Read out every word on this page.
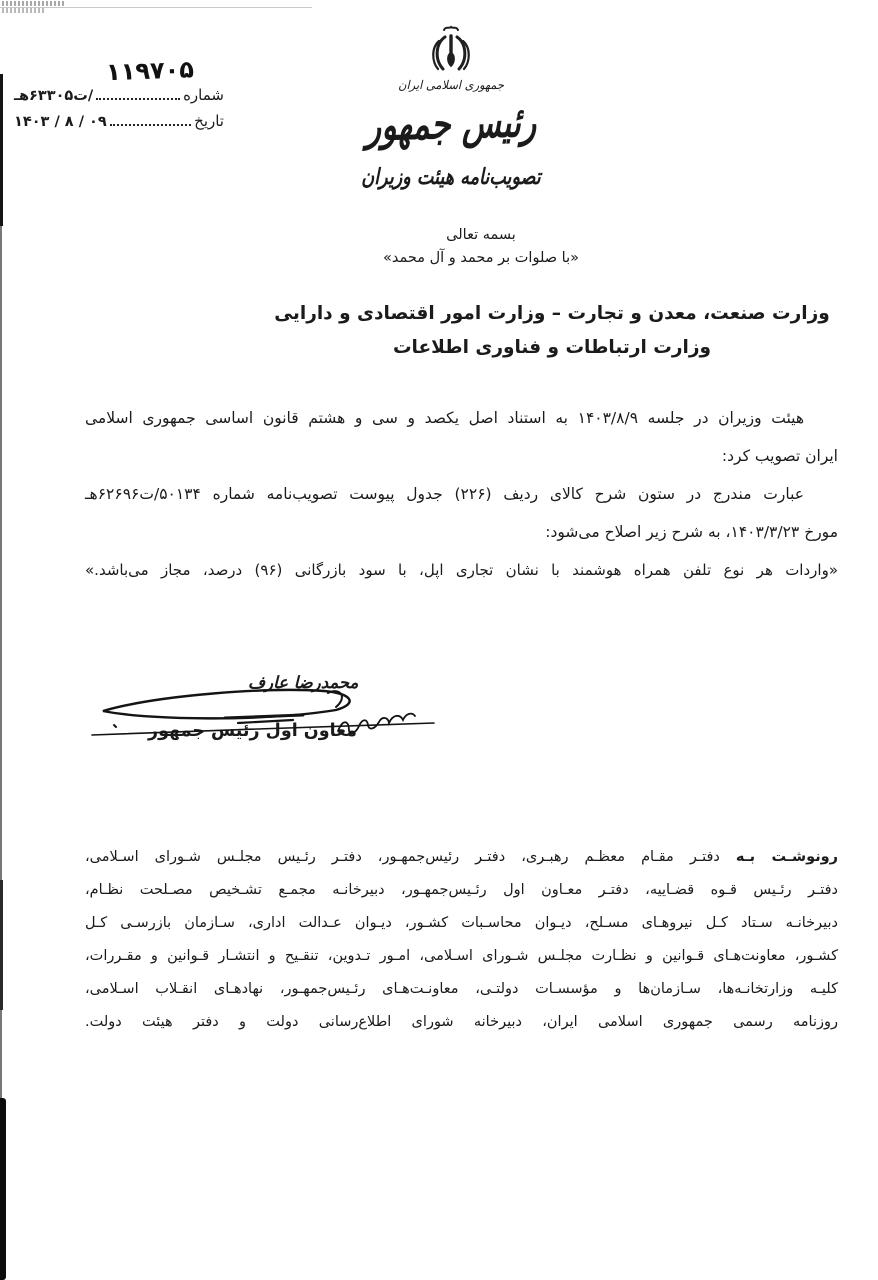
۱۱۹۷۰۵
شماره
/ت۶۳۳۰۵هـ
تاریخ
۱۴۰۳ / ۸ / ۰۹
جمهوری اسلامی ایران
رئیس جمهور
تصویب‌نامه هیئت وزیران
بسمه تعالی
«با صلوات بر محمد و آل محمد»
وزارت صنعت، معدن و تجارت – وزارت امور اقتصادی و دارایی
وزارت ارتباطات و فناوری اطلاعات
هیئت وزیران در جلسه ۱۴۰۳/۸/۹ به استناد اصل یکصد و سی و هشتم قانون اساسی جمهوری اسلامی
ایران تصویب کرد:
عبارت مندرج در ستون شرح کالای ردیف (۲۲۶) جدول پیوست تصویب‌نامه شماره ۵۰۱۳۴/ت۶۲۶۹۶هـ
مورخ ۱۴۰۳/۳/۲۳، به شرح زیر اصلاح می‌شود:
«واردات هر نوع تلفن همراه هوشمند با نشان تجاری اپل، با سود بازرگانی (۹۶) درصد، مجاز می‌باشد.»
محمدرضا عارف
معاون اول رئیس جمهور
رونوشـت بـه دفتـر مقـام معظـم رهبـری، دفتـر رئیس‌جمهـور، دفتـر رئـیس مجلـس شـورای اسـلامی،
دفتـر رئـیس قـوه قضـاییه، دفتـر معـاون اول رئـیس‌جمهـور، دبیرخانـه مجمـع تشـخیص مصـلحت نظـام،
دبیرخانـه سـتاد کـل نیروهـای مسـلح، دیـوان محاسـبات کشـور، دیـوان عـدالت اداری، سـازمان بازرسـی کـل
کشـور، معاونت‌هـای قـوانین و نظـارت مجلـس شـورای اسـلامی، امـور تـدوین، تنقـیح و انتشـار قـوانین و مقـررات،
کلیـه وزارتخانـه‌ها، سـازمان‌ها و مؤسسـات دولتـی، معاونـت‌هـای رئـیس‌جمهـور، نهادهـای انقـلاب اسـلامی،
روزنامه رسمی جمهوری اسلامی ایران، دبیرخانه شورای اطلاع‌رسانی دولت و دفتر هیئت دولت.
